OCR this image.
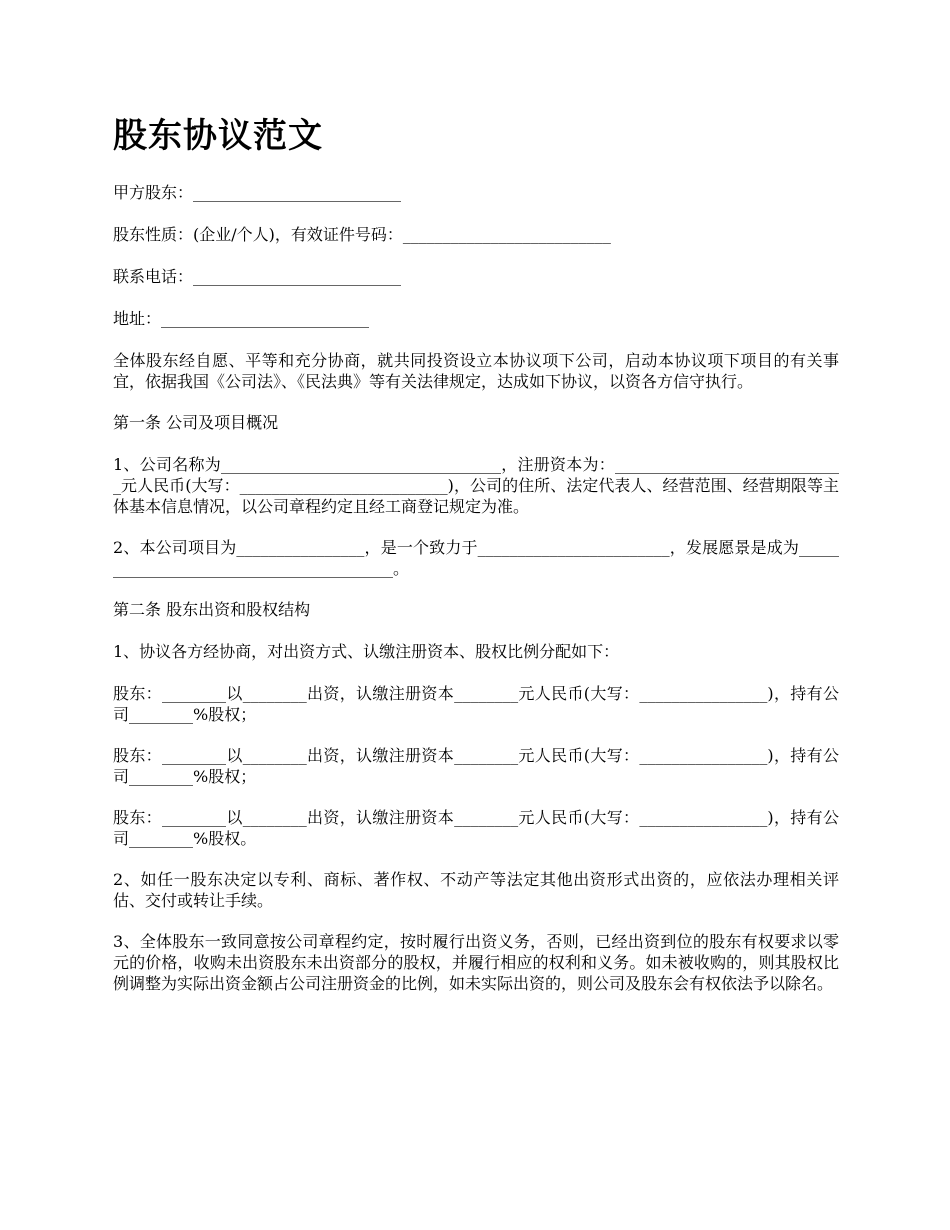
股东协议范文

甲方股东：__________________________

股东性质：(企业/个人)，有效证件号码：__________________________

联系电话：__________________________

地址：__________________________

全体股东经自愿、平等和充分协商，就共同投资设立本协议项下公司，启动本协议项下项目的有关事宜，依据我国《公司法》、《民法典》等有关法律规定，达成如下协议，以资各方信守执行。

第一条 公司及项目概况

1、公司名称为___________________________________，注册资本为：_____________________________元人民币(大写：__________________________)，公司的住所、法定代表人、经营范围、经营期限等主体基本信息情况，以公司章程约定且经工商登记规定为准。

2、本公司项目为________________，是一个致力于________________________，发展愿景是成为________________________________________。

第二条 股东出资和股权结构

1、协议各方经协商，对出资方式、认缴注册资本、股权比例分配如下：

股东：________以________出资，认缴注册资本________元人民币(大写：________________)，持有公司________%股权；

股东：________以________出资，认缴注册资本________元人民币(大写：________________)，持有公司________%股权；

股东：________以________出资，认缴注册资本________元人民币(大写：________________)，持有公司________%股权。

2、如任一股东决定以专利、商标、著作权、不动产等法定其他出资形式出资的，应依法办理相关评估、交付或转让手续。

3、全体股东一致同意按公司章程约定，按时履行出资义务，否则，已经出资到位的股东有权要求以零元的价格，收购未出资股东未出资部分的股权，并履行相应的权利和义务。如未被收购的，则其股权比例调整为实际出资金额占公司注册资金的比例，如未实际出资的，则公司及股东会有权依法予以除名。
